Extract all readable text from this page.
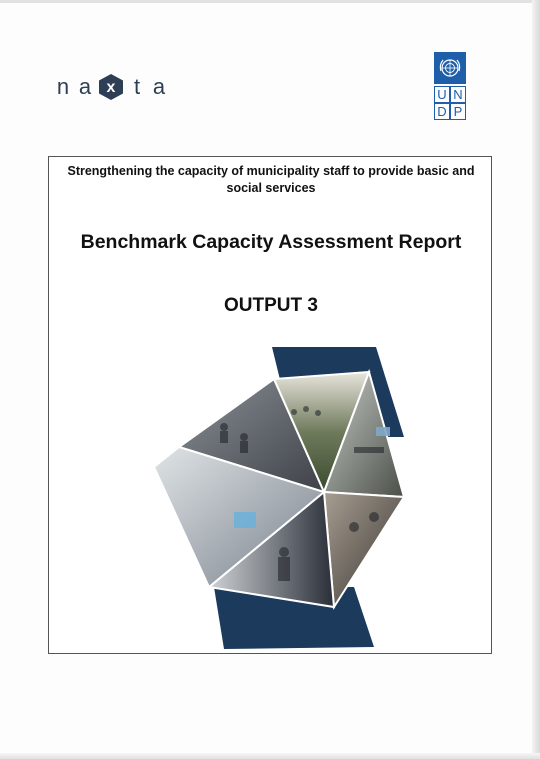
n a x t a	U N
D P
Strengthening the capacity of municipality staff to provide basic and
social services
Benchmark Capacity Assessment Report
OUTPUT 3
